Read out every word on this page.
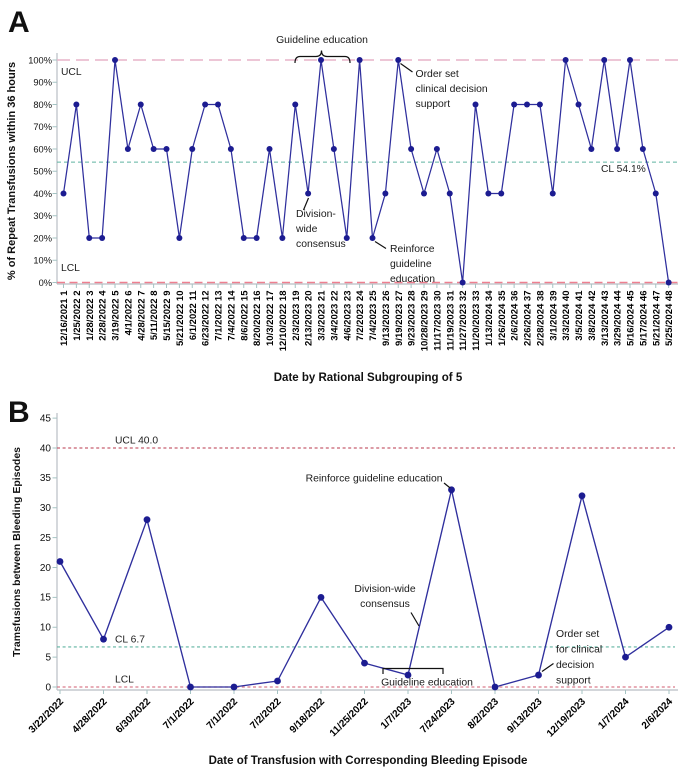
A
B
0%
10%
20%
30%
40%
50%
60%
70%
80%
90%
100%
12/16/2021 1 1/25/2022 2 1/28/2022 3 2/28/2022 4 3/19/2022 5 4/1/2022 6 4/28/2022 7 5/11/2022 8 5/15/2022 9 5/21/2022 10 6/1/2022 11 6/23/2022 12 7/1/2022 13 7/4/2022 14 8/6/2022 15 8/20/2022 16 10/3/2022 17 12/10/2022 18 2/3/2023 19 2/13/2023 20 3/3/2023 21 3/4/2023 22 4/6/2023 23 7/2/2023 24 7/4/2023 25 9/13/2023 26 9/19/2023 27 9/23/2023 28 10/28/2023 29 11/17/2023 30 11/19/2023 31 11/27/2023 32 11/20/2023 33 1/13/2024 34 1/26/2024 35 2/6/2024 36 2/26/2024 37 2/28/2024 38 3/1/2024 39 3/3/2024 40 3/5/2024 41 3/8/2024 42 3/13/2024 43 3/29/2024 44 5/16/2024 45 5/17/2024 46 5/21/2024 47 5/25/2024 48
UCL
LCL
CL 54.1%
Guideline education
Order set
clinical decision
support
Division-
wide
consensus	Reinforce
guideline
education
% of Repeat Transfusions within 36 hours
Date by Rational Subgrouping of 5
0
5
10
15
20
25
30
35
40
45
3/22/2022 4/28/2022 6/30/2022 7/1/2022 7/1/2022 7/2/2022 9/18/2022 11/25/2022 1/7/2023 7/24/2023 8/2/2023 9/13/2023 12/19/2023 1/7/2024 2/6/2024
UCL 40.0
LCL
CL 6.7
Reinforce guideline education
Division-wide
consensus
Guideline education
Order set
for clinical
decision
support
Tramsfusions between Bleeding Episodes
Date of Transfusion with Corresponding Bleeding Episode
